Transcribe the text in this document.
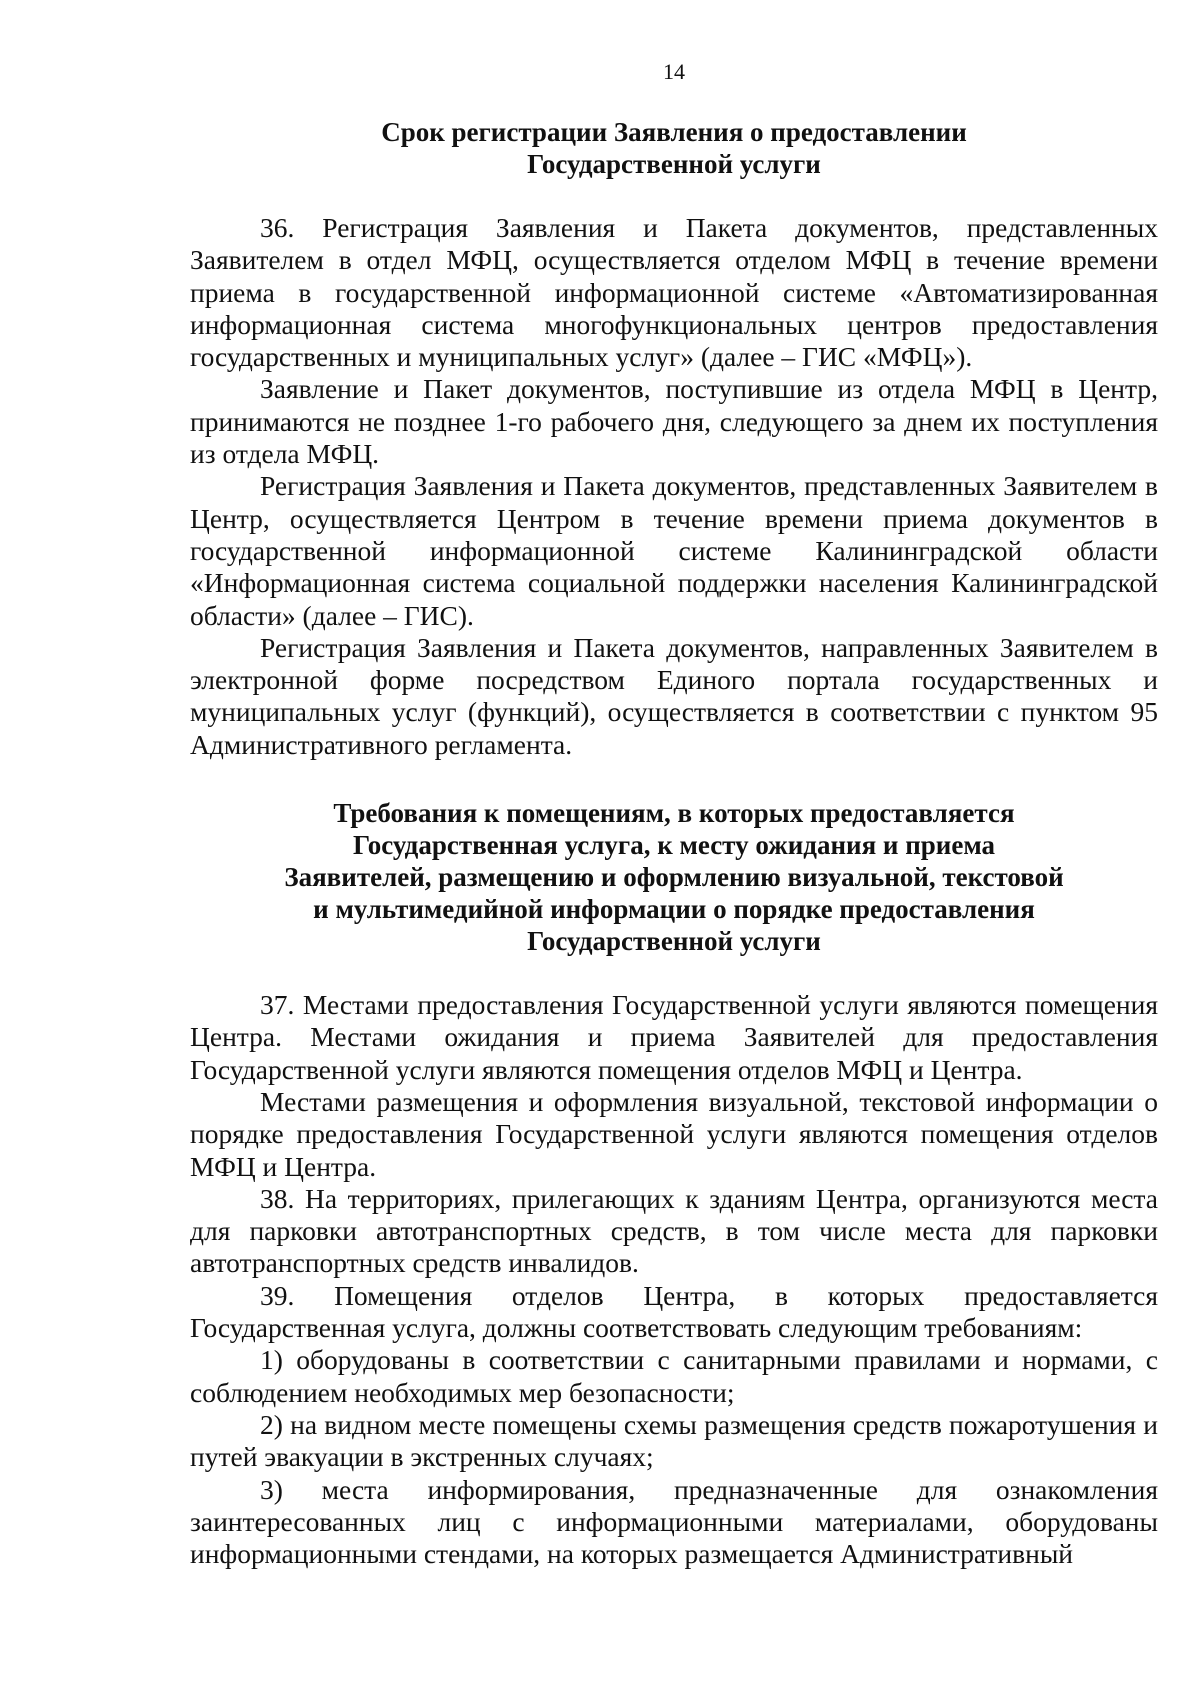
14
Срок регистрации Заявления о предоставлении
Государственной услуги

36. Регистрация Заявления и Пакета документов, представленных Заявителем в отдел МФЦ, осуществляется отделом МФЦ в течение времени приема в государственной информационной системе «Автоматизированная информационная система многофункциональных центров предоставления государственных и муниципальных услуг» (далее – ГИС «МФЦ»).

Заявление и Пакет документов, поступившие из отдела МФЦ в Центр, принимаются не позднее 1-го рабочего дня, следующего за днем их поступления из отдела МФЦ.

Регистрация Заявления и Пакета документов, представленных Заявителем в Центр, осуществляется Центром в течение времени приема документов в государственной информационной системе Калининградской области «Информационная система социальной поддержки населения Калининградской области» (далее – ГИС).

Регистрация Заявления и Пакета документов, направленных Заявителем в электронной форме посредством Единого портала государственных и муниципальных услуг (функций), осуществляется в соответствии с пунктом 95 Административного регламента.

Требования к помещениям, в которых предоставляется
Государственная услуга, к месту ожидания и приема
Заявителей, размещению и оформлению визуальной, текстовой
и мультимедийной информации о порядке предоставления
Государственной услуги

37. Местами предоставления Государственной услуги являются помещения Центра. Местами ожидания и приема Заявителей для предоставления Государственной услуги являются помещения отделов МФЦ и Центра.

Местами размещения и оформления визуальной, текстовой информации о порядке предоставления Государственной услуги являются помещения отделов МФЦ и Центра.

38. На территориях, прилегающих к зданиям Центра, организуются места для парковки автотранспортных средств, в том числе места для парковки автотранспортных средств инвалидов.

39. Помещения отделов Центра, в которых предоставляется Государственная услуга, должны соответствовать следующим требованиям:

1) оборудованы в соответствии с санитарными правилами и нормами, с соблюдением необходимых мер безопасности;

2) на видном месте помещены схемы размещения средств пожаротушения и путей эвакуации в экстренных случаях;

3) места информирования, предназначенные для ознакомления заинтересованных лиц с информационными материалами, оборудованы информационными стендами, на которых размещается Административный
